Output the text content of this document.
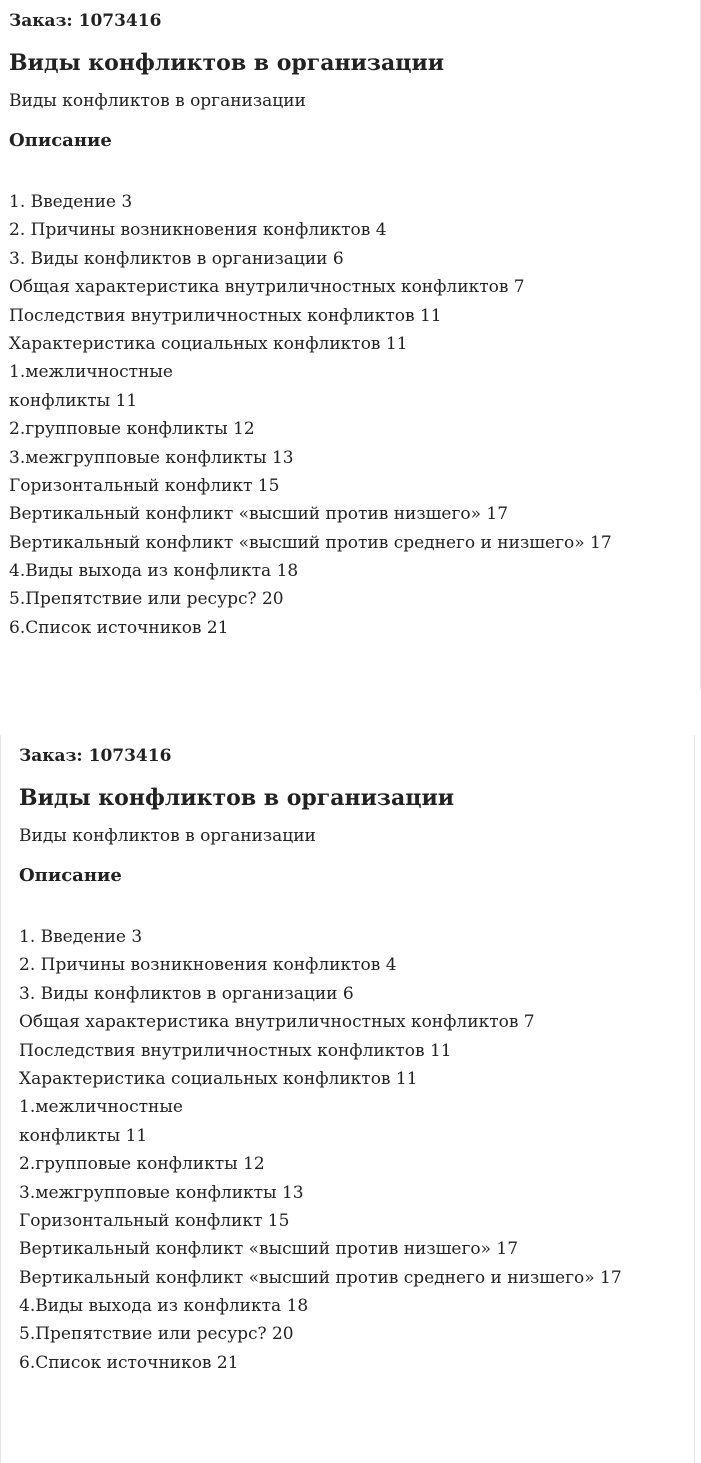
Заказ: 1073416
Виды конфликтов в организации
Виды конфликтов в организации
Описание
1. Введение 3
2. Причины возникновения конфликтов 4
3. Виды конфликтов в организации 6
Общая характеристика внутриличностных конфликтов 7
Последствия внутриличностных конфликтов 11
Характеристика социальных конфликтов 11
1.межличностные
конфликты 11
2.групповые конфликты 12
3.межгрупповые конфликты 13
Горизонтальный конфликт 15
Вертикальный конфликт «высший против низшего» 17
Вертикальный конфликт «высший против среднего и низшего» 17
4.Виды выхода из конфликта 18
5.Препятствие или ресурс? 20
6.Список источников 21
Заказ: 1073416
Виды конфликтов в организации
Виды конфликтов в организации
Описание
1. Введение 3
2. Причины возникновения конфликтов 4
3. Виды конфликтов в организации 6
Общая характеристика внутриличностных конфликтов 7
Последствия внутриличностных конфликтов 11
Характеристика социальных конфликтов 11
1.межличностные
конфликты 11
2.групповые конфликты 12
3.межгрупповые конфликты 13
Горизонтальный конфликт 15
Вертикальный конфликт «высший против низшего» 17
Вертикальный конфликт «высший против среднего и низшего» 17
4.Виды выхода из конфликта 18
5.Препятствие или ресурс? 20
6.Список источников 21
